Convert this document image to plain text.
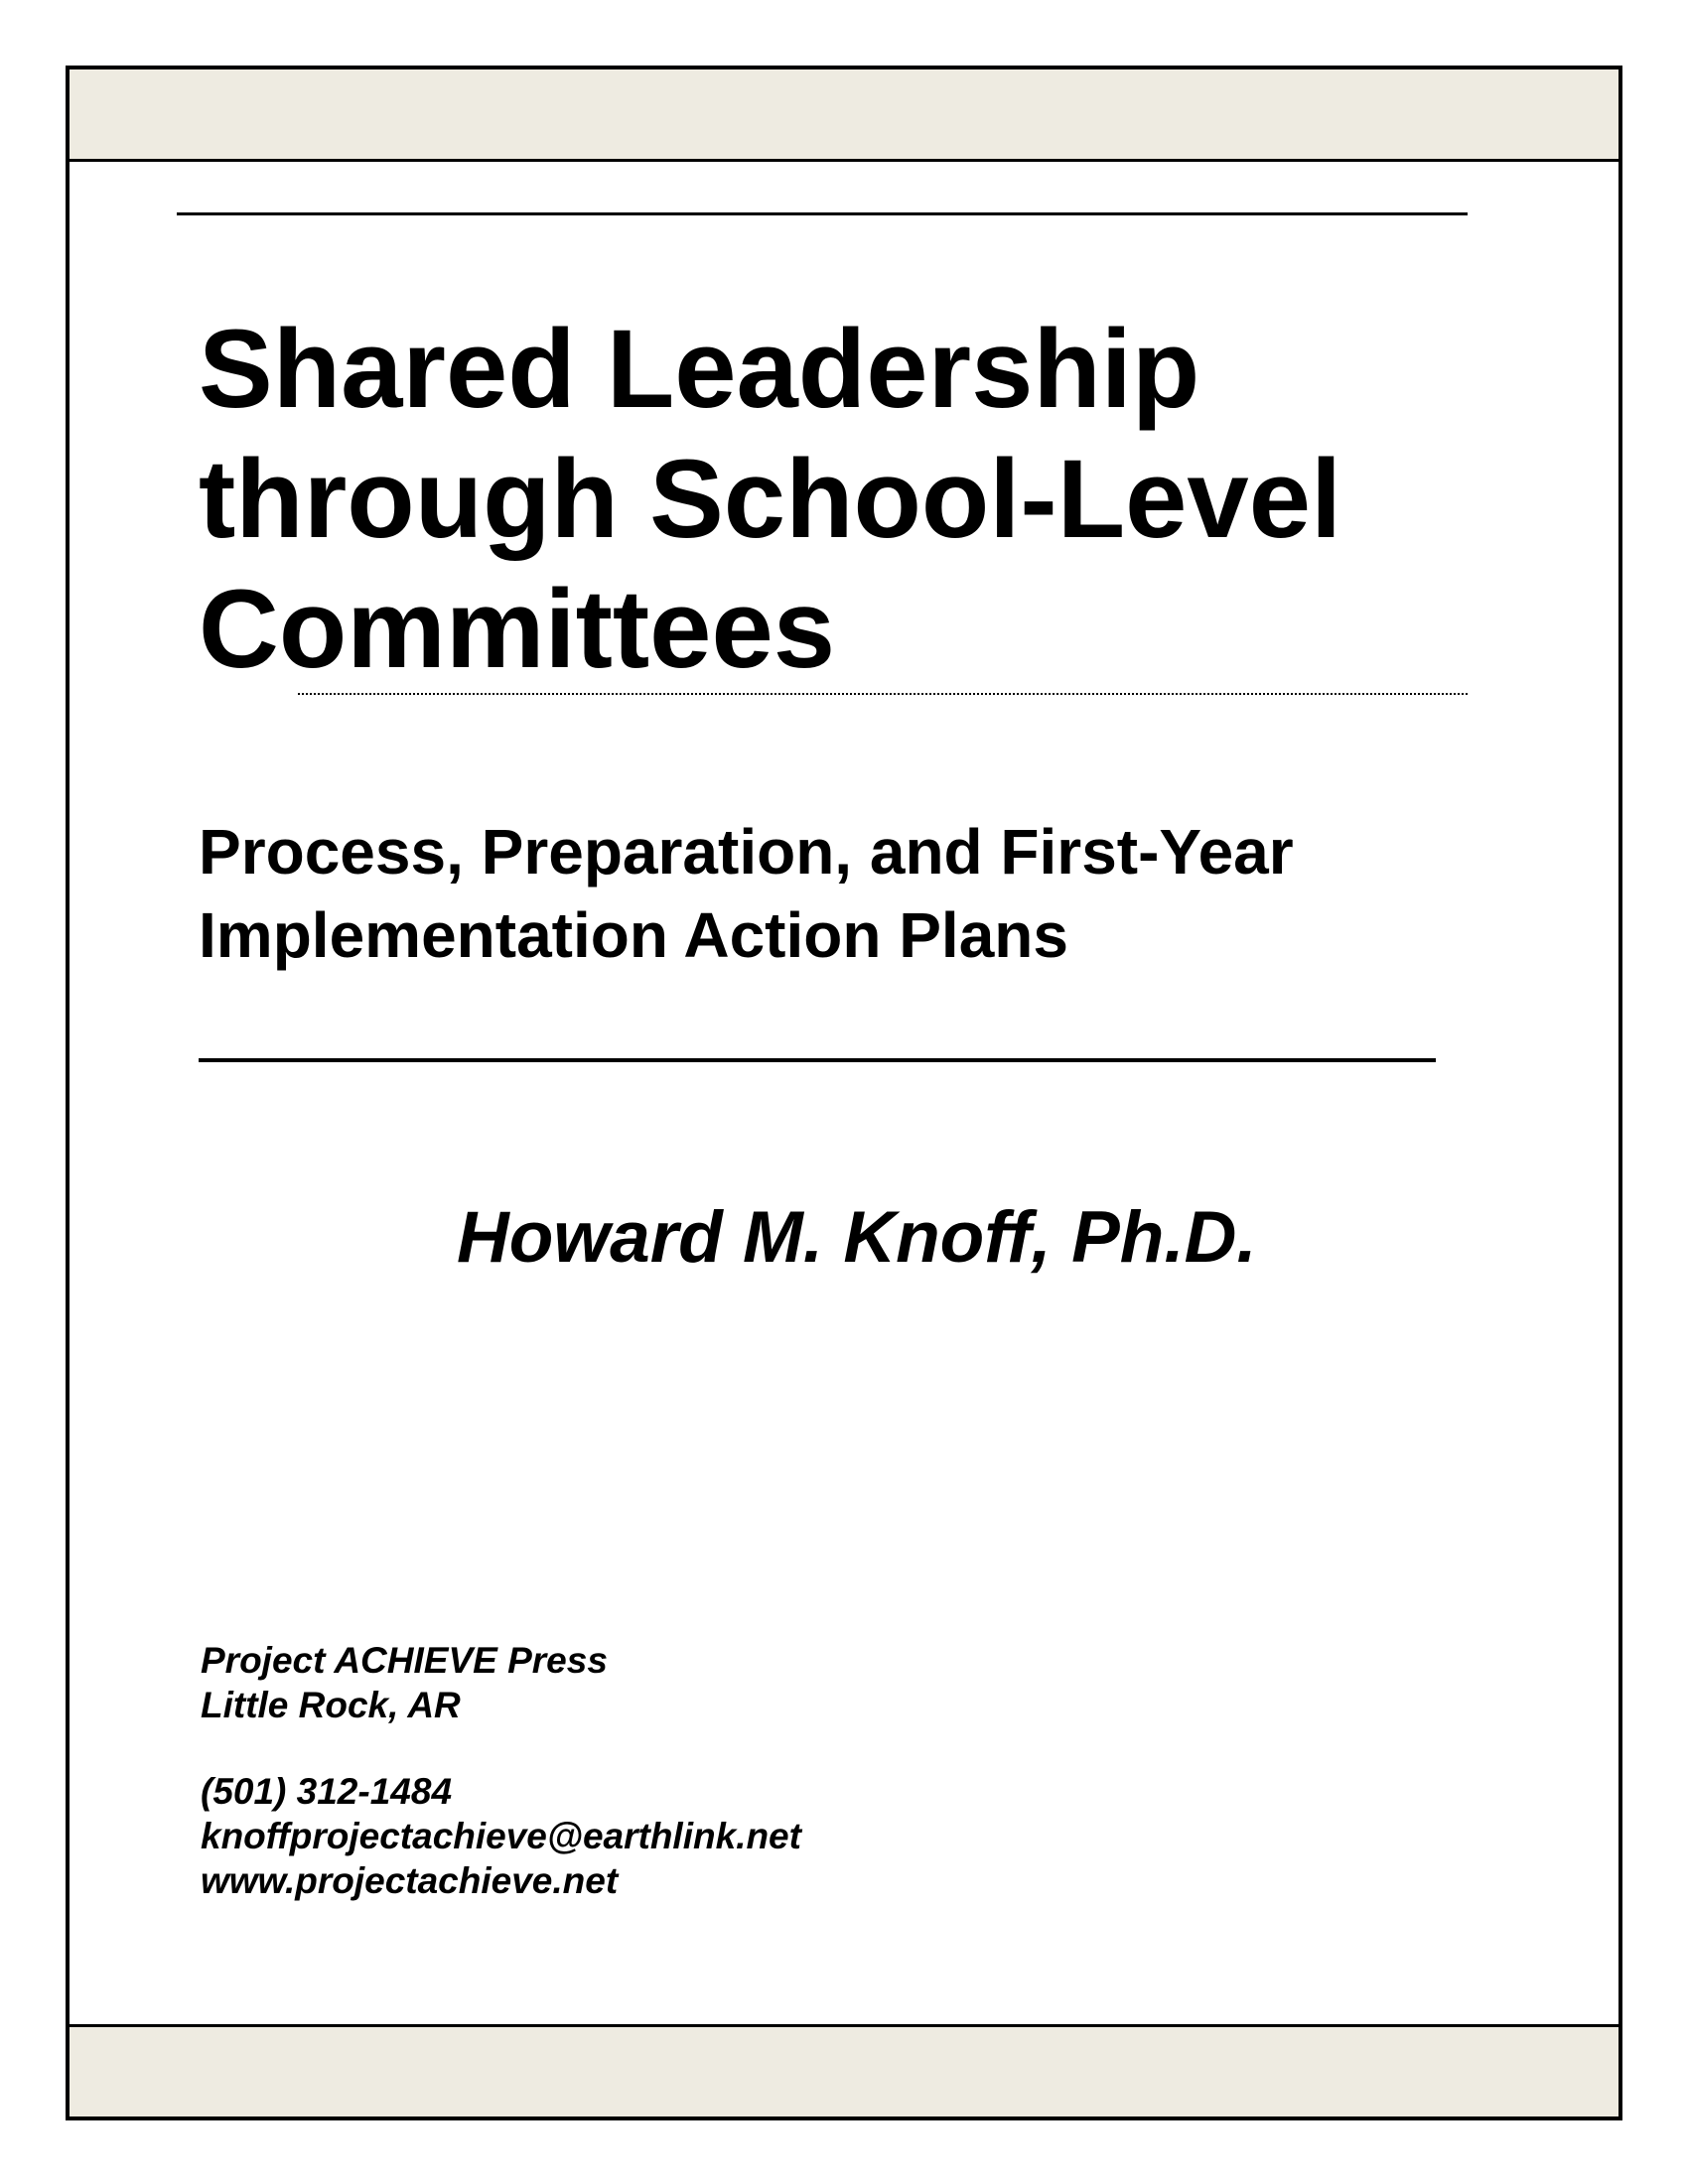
Shared Leadership
through School-Level
Committees
Process, Preparation, and First-Year
Implementation Action Plans

Howard M. Knoff, Ph.D.

Project ACHIEVE Press
Little Rock, AR

(501) 312-1484
knoffprojectachieve@earthlink.net
www.projectachieve.net
